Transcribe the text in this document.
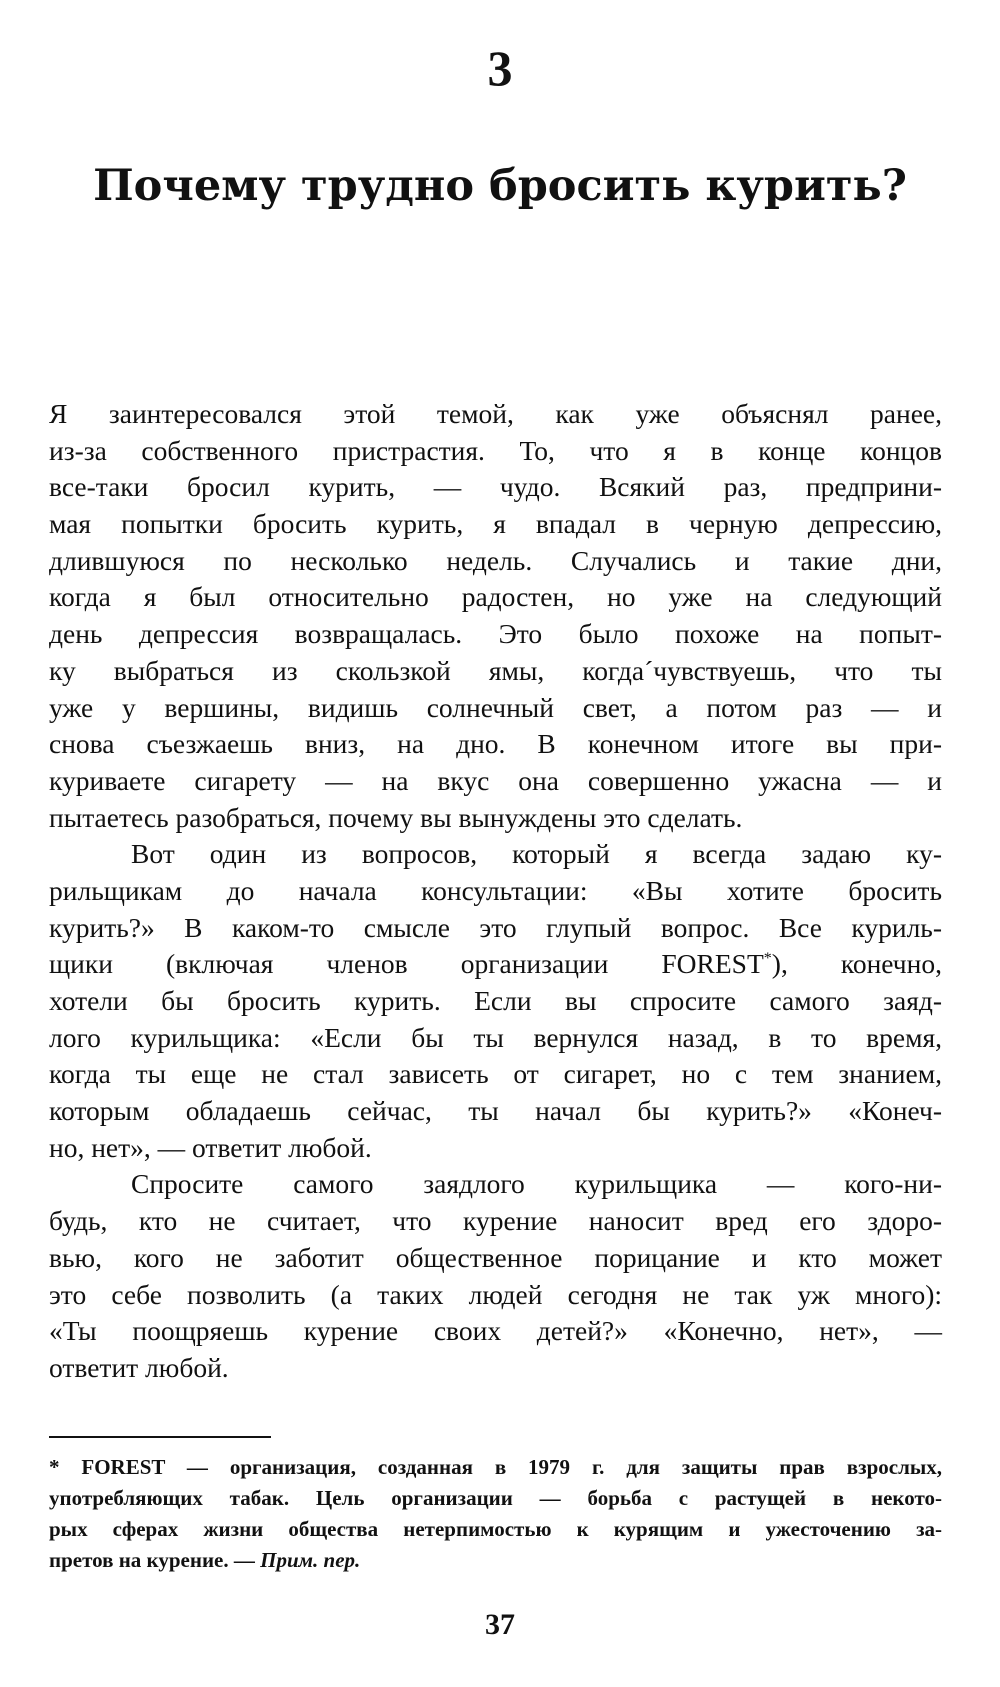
3
Почему трудно бросить курить?
Я заинтересовался этой темой, как уже объяснял ранее,
из-за собственного пристрастия. То, что я в конце концов
все-таки бросил курить, — чудо. Всякий раз, предприни-
мая попытки бросить курить, я впадал в черную депрессию,
длившуюся по несколько недель. Случались и такие дни,
когда я был относительно радостен, но уже на следующий
день депрессия возвращалась. Это было похоже на попыт-
ку выбраться из скользкой ямы, когда´чувствуешь, что ты
уже у вершины, видишь солнечный свет, а потом раз — и
снова съезжаешь вниз, на дно. В конечном итоге вы при-
куриваете сигарету — на вкус она совершенно ужасна — и
пытаетесь разобраться, почему вы вынуждены это сделать.
Вот один из вопросов, который я всегда задаю ку-
рильщикам до начала консультации: «Вы хотите бросить
курить?» В каком-то смысле это глупый вопрос. Все куриль-
щики (включая членов организации FOREST*), конечно,
хотели бы бросить курить. Если вы спросите самого заяд-
лого курильщика: «Если бы ты вернулся назад, в то время,
когда ты еще не стал зависеть от сигарет, но с тем знанием,
которым обладаешь сейчас, ты начал бы курить?» «Конеч-
но, нет», — ответит любой.
Спросите самого заядлого курильщика — кого-ни-
будь, кто не считает, что курение наносит вред его здоро-
вью, кого не заботит общественное порицание и кто может
это себе позволить (а таких людей сегодня не так уж много):
«Ты поощряешь курение своих детей?» «Конечно, нет», —
ответит любой.
* FOREST — организация, созданная в 1979 г. для защиты прав взрослых,
употребляющих табак. Цель организации — борьба с растущей в некото-
рых сферах жизни общества нетерпимостью к курящим и ужесточению за-
претов на курение. — Прим. пер.
37
